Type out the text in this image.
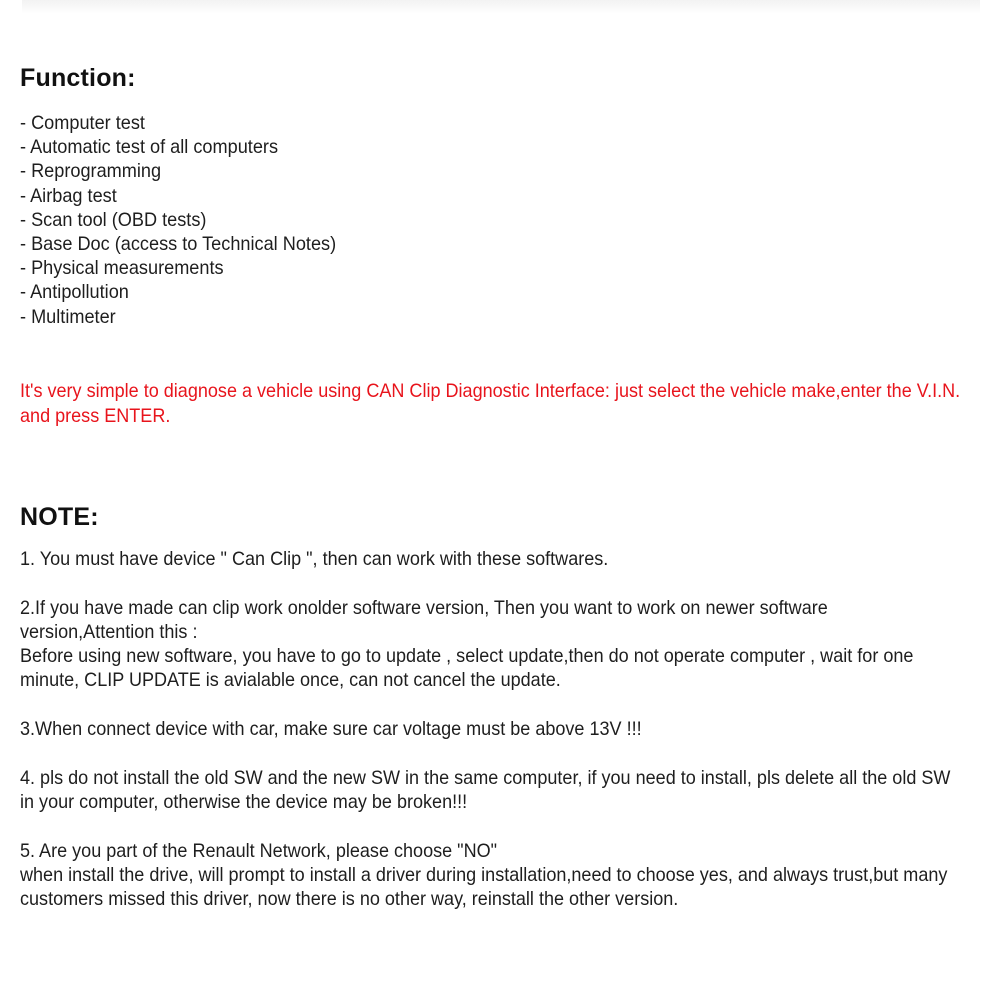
Function:
- Computer test
- Automatic test of all computers
- Reprogramming
- Airbag test
- Scan tool (OBD tests)
- Base Doc (access to Technical Notes)
- Physical measurements
- Antipollution
- Multimeter
It's very simple to diagnose a vehicle using CAN Clip Diagnostic Interface: just select the vehicle make,enter the V.I.N.
and press ENTER.
NOTE:

1. You must have device " Can Clip ", then can work with these softwares.

2.If you have made can clip work onolder software version, Then you want to work on newer software
version,Attention this :
Before using new software, you have to go to update , select update,then do not operate computer , wait for one
minute, CLIP UPDATE is avialable once, can not cancel the update.

3.When connect device with car, make sure car voltage must be above 13V !!!

4. pls do not install the old SW and the new SW in the same computer, if you need to install, pls delete all the old SW
in your computer, otherwise the device may be broken!!!

5. Are you part of the Renault Network, please choose "NO"
when install the drive, will prompt to install a driver during installation,need to choose yes, and always trust,but many
customers missed this driver, now there is no other way, reinstall the other version.
